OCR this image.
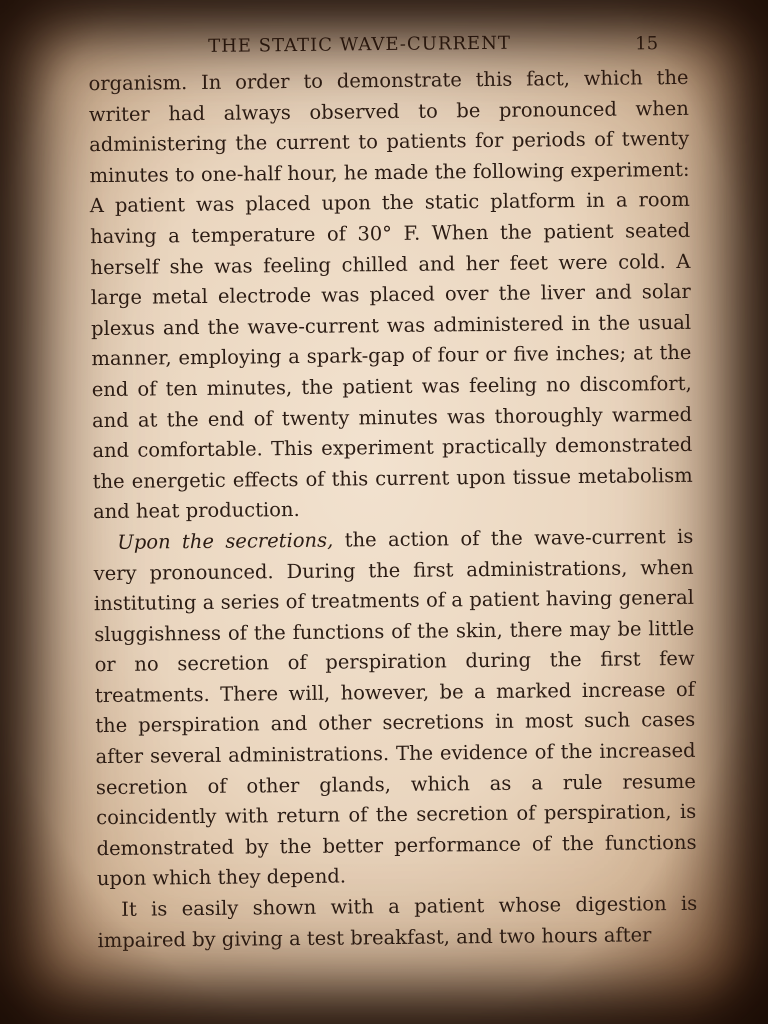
THE STATIC WAVE-CURRENT	15

organism. In order to demonstrate this fact, which the writer had always observed to be pronounced when administering the current to patients for periods of twenty minutes to one-half hour, he made the following experiment: A patient was placed upon the static platform in a room having a temperature of 30° F. When the patient seated herself she was feeling chilled and her feet were cold. A large metal electrode was placed over the liver and solar plexus and the wave-current was administered in the usual manner, employing a spark-gap of four or five inches; at the end of ten minutes, the patient was feeling no discomfort, and at the end of twenty minutes was thoroughly warmed and comfortable. This experiment practically demonstrated the energetic effects of this current upon tissue metabolism and heat production.

Upon the secretions, the action of the wave-current is very pronounced. During the first administrations, when instituting a series of treatments of a patient having general sluggishness of the functions of the skin, there may be little or no secretion of perspiration during the first few treatments. There will, however, be a marked increase of the perspiration and other secretions in most such cases after several administrations. The evidence of the increased secretion of other glands, which as a rule resume coincidently with return of the secretion of perspiration, is demonstrated by the better performance of the functions upon which they depend.

It is easily shown with a patient whose digestion is impaired by giving a test breakfast, and two hours after
